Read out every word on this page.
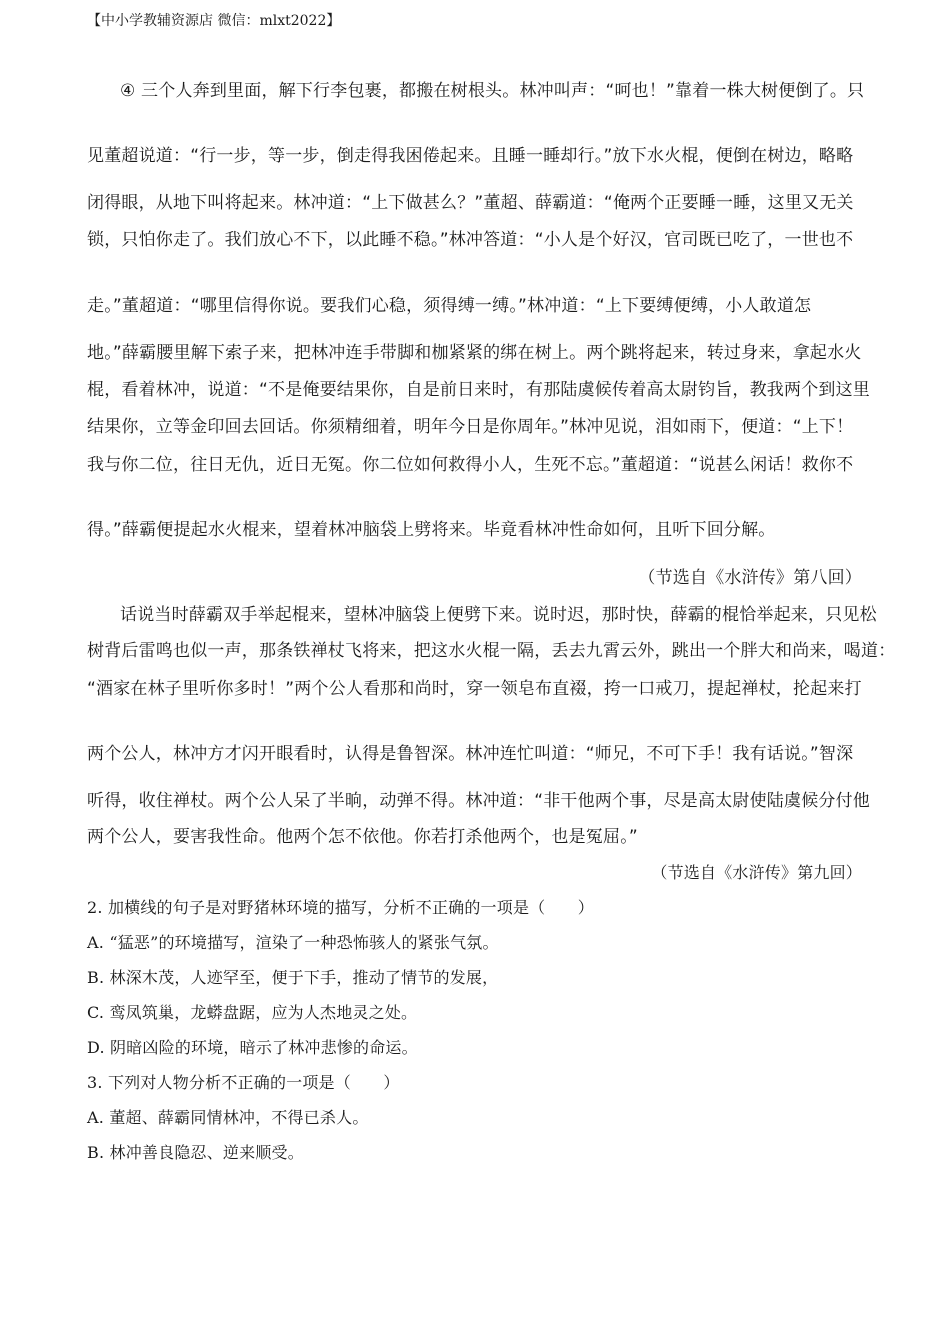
【中小学教辅资源店 微信：mlxt2022】
④ 三个人奔到里面，解下行李包裹，都搬在树根头。林冲叫声：“呵也！”靠着一株大树便倒了。只
见董超说道：“行一步，等一步，倒走得我困倦起来。且睡一睡却行。”放下水火棍，便倒在树边，略略
闭得眼，从地下叫将起来。林冲道：“上下做甚么？”董超、薛霸道：“俺两个正要睡一睡，这里又无关
锁，只怕你走了。我们放心不下，以此睡不稳。”林冲答道：“小人是个好汉，官司既已吃了，一世也不
走。”董超道：“哪里信得你说。要我们心稳，须得缚一缚。”林冲道：“上下要缚便缚，小人敢道怎
地。”薛霸腰里解下索子来，把林冲连手带脚和枷紧紧的绑在树上。两个跳将起来，转过身来，拿起水火
棍，看着林冲，说道：“不是俺要结果你，自是前日来时，有那陆虞候传着高太尉钧旨，教我两个到这里
结果你，立等金印回去回话。你须精细着，明年今日是你周年。”林冲见说，泪如雨下，便道：“上下！
我与你二位，往日无仇，近日无冤。你二位如何救得小人，生死不忘。”董超道：“说甚么闲话！救你不
得。”薛霸便提起水火棍来，望着林冲脑袋上劈将来。毕竟看林冲性命如何，且听下回分解。
（节选自《水浒传》第八回）
话说当时薛霸双手举起棍来，望林冲脑袋上便劈下来。说时迟，那时快，薛霸的棍恰举起来，只见松
树背后雷鸣也似一声，那条铁禅杖飞将来，把这水火棍一隔，丢去九霄云外，跳出一个胖大和尚来，喝道：
“酒家在林子里听你多时！”两个公人看那和尚时，穿一领皂布直裰，挎一口戒刀，提起禅杖，抡起来打
两个公人，林冲方才闪开眼看时，认得是鲁智深。林冲连忙叫道：“师兄，不可下手！我有话说。”智深
听得，收住禅杖。两个公人呆了半晌，动弹不得。林冲道：“非干他两个事，尽是高太尉使陆虞候分付他
两个公人，要害我性命。他两个怎不依他。你若打杀他两个，也是冤屈。”
（节选自《水浒传》第九回）
2. 加横线的句子是对野猪林环境的描写，分析不正确的一项是（　　）
A. “猛恶”的环境描写，渲染了一种恐怖骇人的紧张气氛。
B. 林深木茂，人迹罕至，便于下手，推动了情节的发展，
C. 鸾凤筑巢，龙蟒盘踞，应为人杰地灵之处。
D. 阴暗凶险的环境，暗示了林冲悲惨的命运。
3. 下列对人物分析不正确的一项是（　　）
A. 董超、薛霸同情林冲，不得已杀人。
B. 林冲善良隐忍、逆来顺受。
